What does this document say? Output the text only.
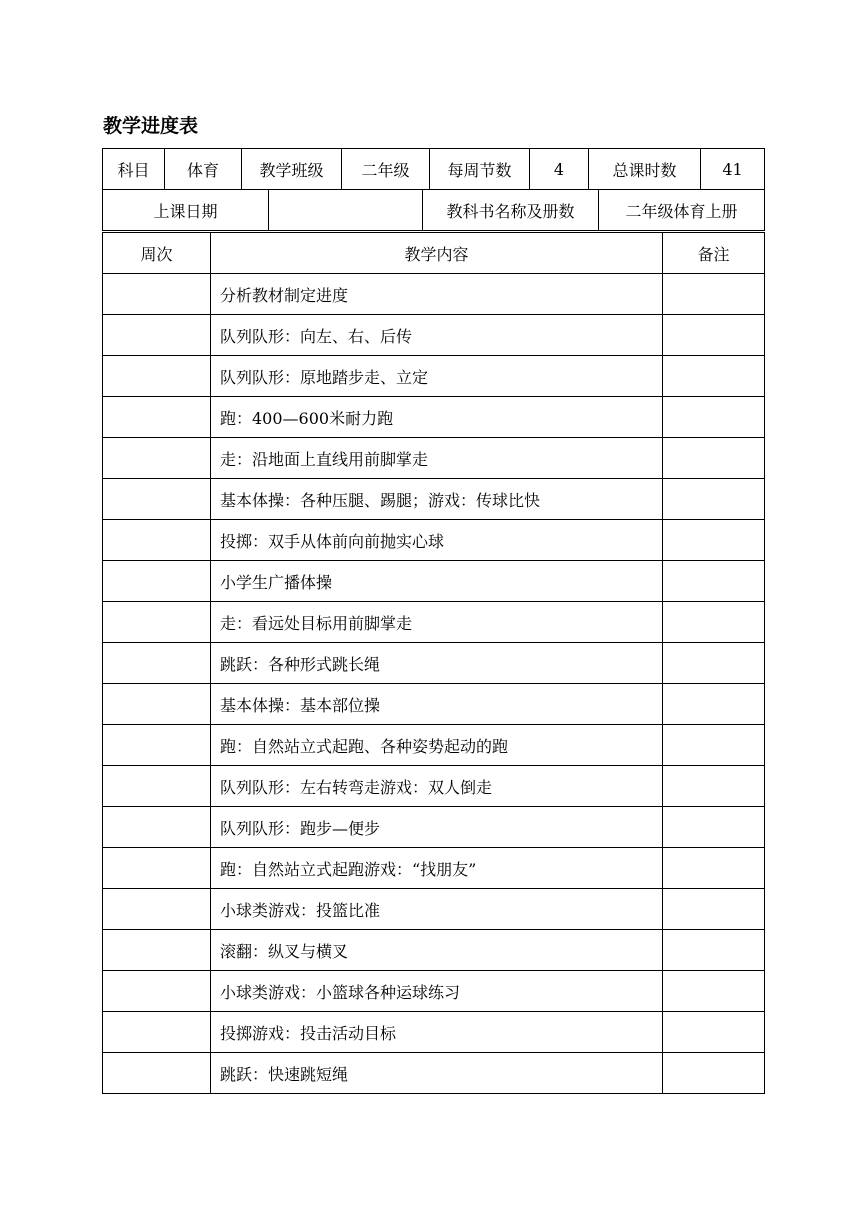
教学进度表
科目	体育	教学班级	二年级	每周节数	4	总课时数	41
上课日期		教科书名称及册数	二年级体育上册
周次	教学内容	备注
	分析教材制定进度	
	队列队形：向左、右、后传	
	队列队形：原地踏步走、立定	
	跑：400—600米耐力跑	
	走：沿地面上直线用前脚掌走	
	基本体操：各种压腿、踢腿；游戏：传球比快	
	投掷：双手从体前向前抛实心球	
	小学生广播体操	
	走：看远处目标用前脚掌走	
	跳跃：各种形式跳长绳	
	基本体操：基本部位操	
	跑：自然站立式起跑、各种姿势起动的跑	
	队列队形：左右转弯走游戏：双人倒走	
	队列队形：跑步—便步	
	跑：自然站立式起跑游戏：“找朋友”	
	小球类游戏：投篮比准	
	滚翻：纵叉与横叉	
	小球类游戏：小篮球各种运球练习	
	投掷游戏：投击活动目标	
	跳跃：快速跳短绳	
